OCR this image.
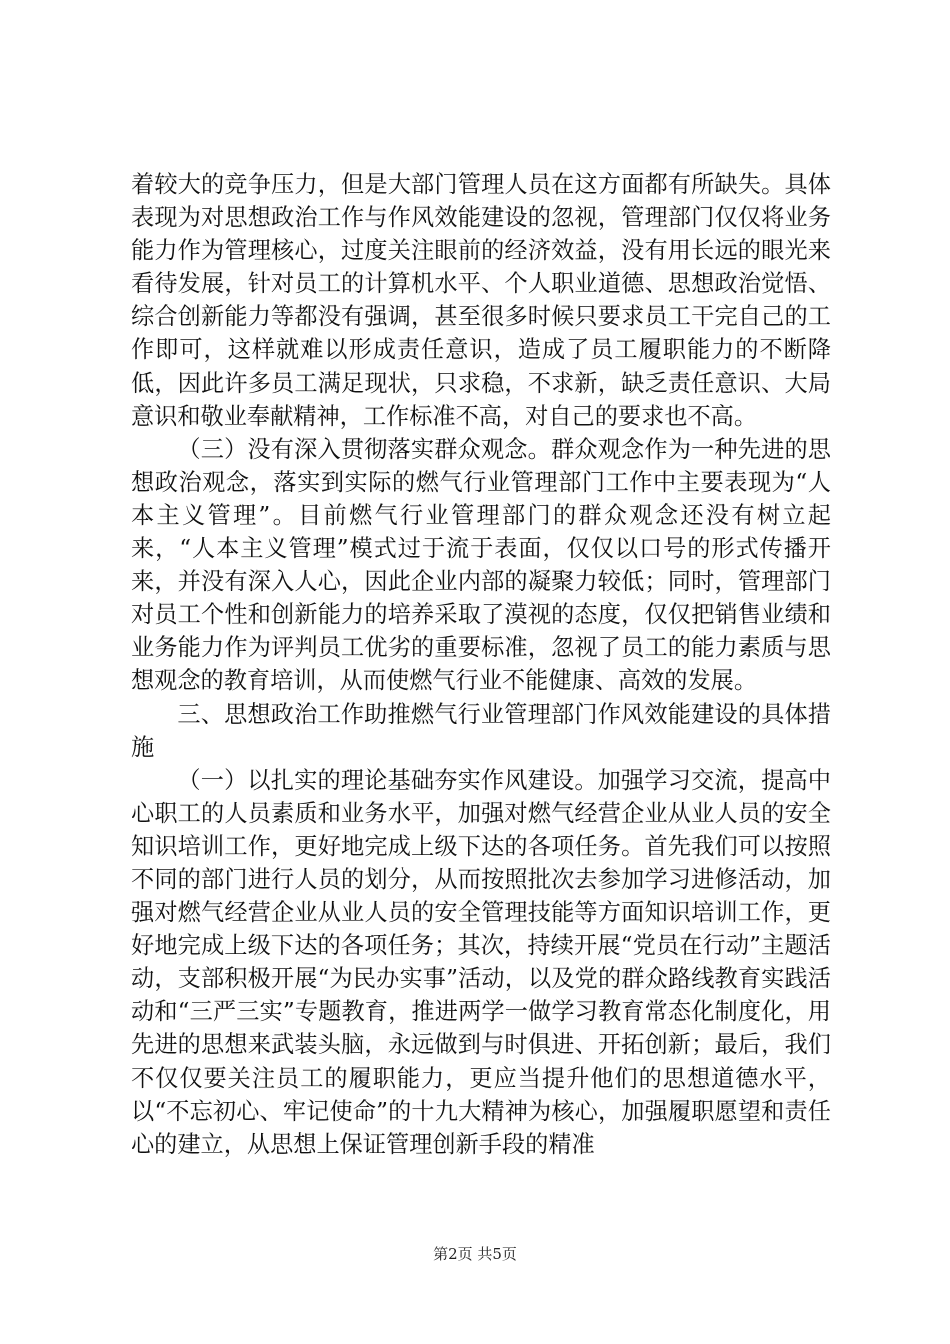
着较大的竞争压力，但是大部门管理人员在这方面都有所缺失。具体表现为对思想政治工作与作风效能建设的忽视，管理部门仅仅将业务能力作为管理核心，过度关注眼前的经济效益，没有用长远的眼光来看待发展，针对员工的计算机水平、个人职业道德、思想政治觉悟、综合创新能力等都没有强调，甚至很多时候只要求员工干完自己的工作即可，这样就难以形成责任意识，造成了员工履职能力的不断降低，因此许多员工满足现状，只求稳，不求新，缺乏责任意识、大局意识和敬业奉献精神，工作标准不高，对自己的要求也不高。

（三）没有深入贯彻落实群众观念。群众观念作为一种先进的思想政治观念，落实到实际的燃气行业管理部门工作中主要表现为“人本主义管理”。目前燃气行业管理部门的群众观念还没有树立起来，“人本主义管理”模式过于流于表面，仅仅以口号的形式传播开来，并没有深入人心，因此企业内部的凝聚力较低；同时，管理部门对员工个性和创新能力的培养采取了漠视的态度，仅仅把销售业绩和业务能力作为评判员工优劣的重要标准，忽视了员工的能力素质与思想观念的教育培训，从而使燃气行业不能健康、高效的发展。

三、思想政治工作助推燃气行业管理部门作风效能建设的具体措施

（一）以扎实的理论基础夯实作风建设。加强学习交流，提高中心职工的人员素质和业务水平，加强对燃气经营企业从业人员的安全知识培训工作，更好地完成上级下达的各项任务。首先我们可以按照不同的部门进行人员的划分，从而按照批次去参加学习进修活动，加强对燃气经营企业从业人员的安全管理技能等方面知识培训工作，更好地完成上级下达的各项任务；其次，持续开展“党员在行动”主题活动，支部积极开展“为民办实事”活动，以及党的群众路线教育实践活动和“三严三实”专题教育，推进两学一做学习教育常态化制度化，用先进的思想来武装头脑，永远做到与时俱进、开拓创新；最后，我们不仅仅要关注员工的履职能力，更应当提升他们的思想道德水平，以“不忘初心、牢记使命”的十九大精神为核心，加强履职愿望和责任心的建立，从思想上保证管理创新手段的精准

第2页 共5页
